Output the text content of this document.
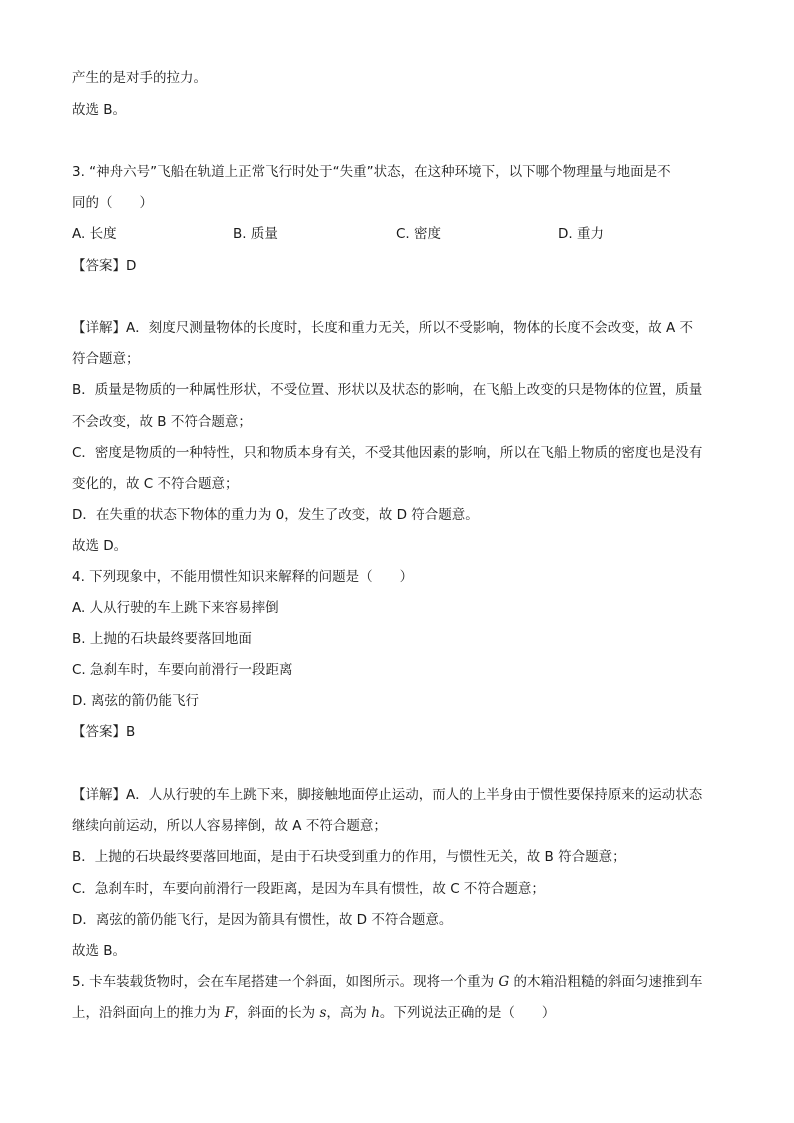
产生的是对手的拉力。
故选 B。
3. “神舟六号”飞船在轨道上正常飞行时处于“失重”状态，在这种环境下，以下哪个物理量与地面是不
同的（　　）
A. 长度	B. 质量	C. 密度	D. 重力
【答案】D
【详解】A．刻度尺测量物体的长度时，长度和重力无关，所以不受影响，物体的长度不会改变，故 A 不
符合题意；
B．质量是物质的一种属性形状，不受位置、形状以及状态的影响，在飞船上改变的只是物体的位置，质量
不会改变，故 B 不符合题意；
C．密度是物质的一种特性，只和物质本身有关，不受其他因素的影响，所以在飞船上物质的密度也是没有
变化的，故 C 不符合题意；
D．在失重的状态下物体的重力为 0，发生了改变，故 D 符合题意。
故选 D。
4. 下列现象中，不能用惯性知识来解释的问题是（　　）
A. 人从行驶的车上跳下来容易摔倒
B. 上抛的石块最终要落回地面
C. 急刹车时，车要向前滑行一段距离
D. 离弦的箭仍能飞行
【答案】B
【详解】A．人从行驶的车上跳下来，脚接触地面停止运动，而人的上半身由于惯性要保持原来的运动状态
继续向前运动，所以人容易摔倒，故 A 不符合题意；
B．上抛的石块最终要落回地面，是由于石块受到重力的作用，与惯性无关，故 B 符合题意；
C．急刹车时，车要向前滑行一段距离，是因为车具有惯性，故 C 不符合题意；
D．离弦的箭仍能飞行，是因为箭具有惯性，故 D 不符合题意。
故选 B。
5. 卡车装载货物时，会在车尾搭建一个斜面，如图所示。现将一个重为 G 的木箱沿粗糙的斜面匀速推到车
上，沿斜面向上的推力为 F，斜面的长为 s，高为 h。下列说法正确的是（　　）
